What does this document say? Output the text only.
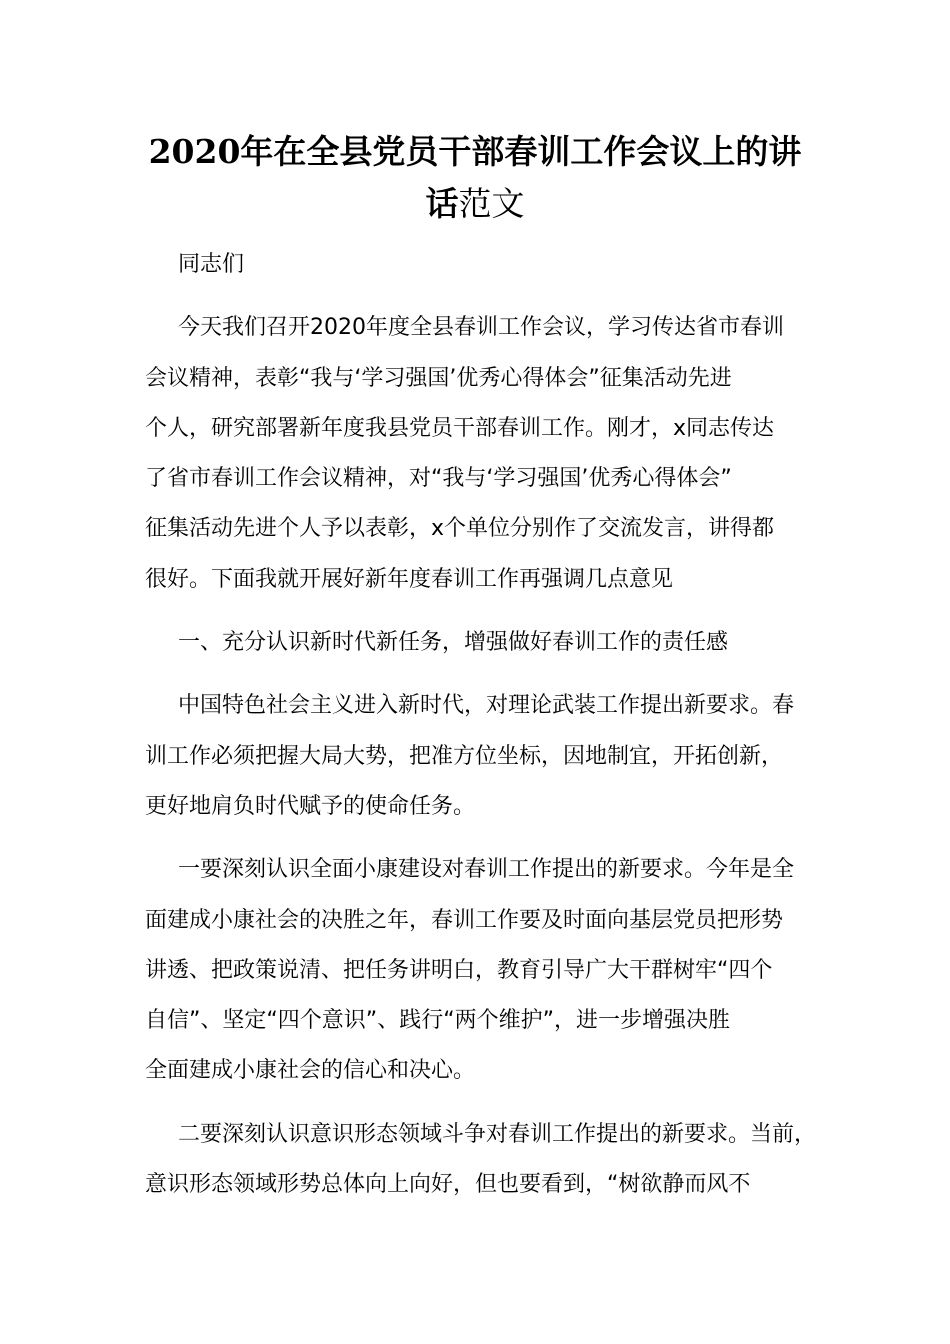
2020年在全县党员干部春训工作会议上的讲
话范文

同志们

今天我们召开2020年度全县春训工作会议，学习传达省市春训
会议精神，表彰“我与‘学习强国’优秀心得体会”征集活动先进
个人，研究部署新年度我县党员干部春训工作。刚才，x同志传达
了省市春训工作会议精神，对“我与‘学习强国’优秀心得体会”
征集活动先进个人予以表彰，x个单位分别作了交流发言，讲得都
很好。下面我就开展好新年度春训工作再强调几点意见

一、充分认识新时代新任务，增强做好春训工作的责任感

中国特色社会主义进入新时代，对理论武装工作提出新要求。春
训工作必须把握大局大势，把准方位坐标，因地制宜，开拓创新，
更好地肩负时代赋予的使命任务。

一要深刻认识全面小康建设对春训工作提出的新要求。今年是全
面建成小康社会的决胜之年，春训工作要及时面向基层党员把形势
讲透、把政策说清、把任务讲明白，教育引导广大干群树牢“四个
自信”、坚定“四个意识”、践行“两个维护”，进一步增强决胜
全面建成小康社会的信心和决心。

二要深刻认识意识形态领域斗争对春训工作提出的新要求。当前，
意识形态领域形势总体向上向好，但也要看到，“树欲静而风不
